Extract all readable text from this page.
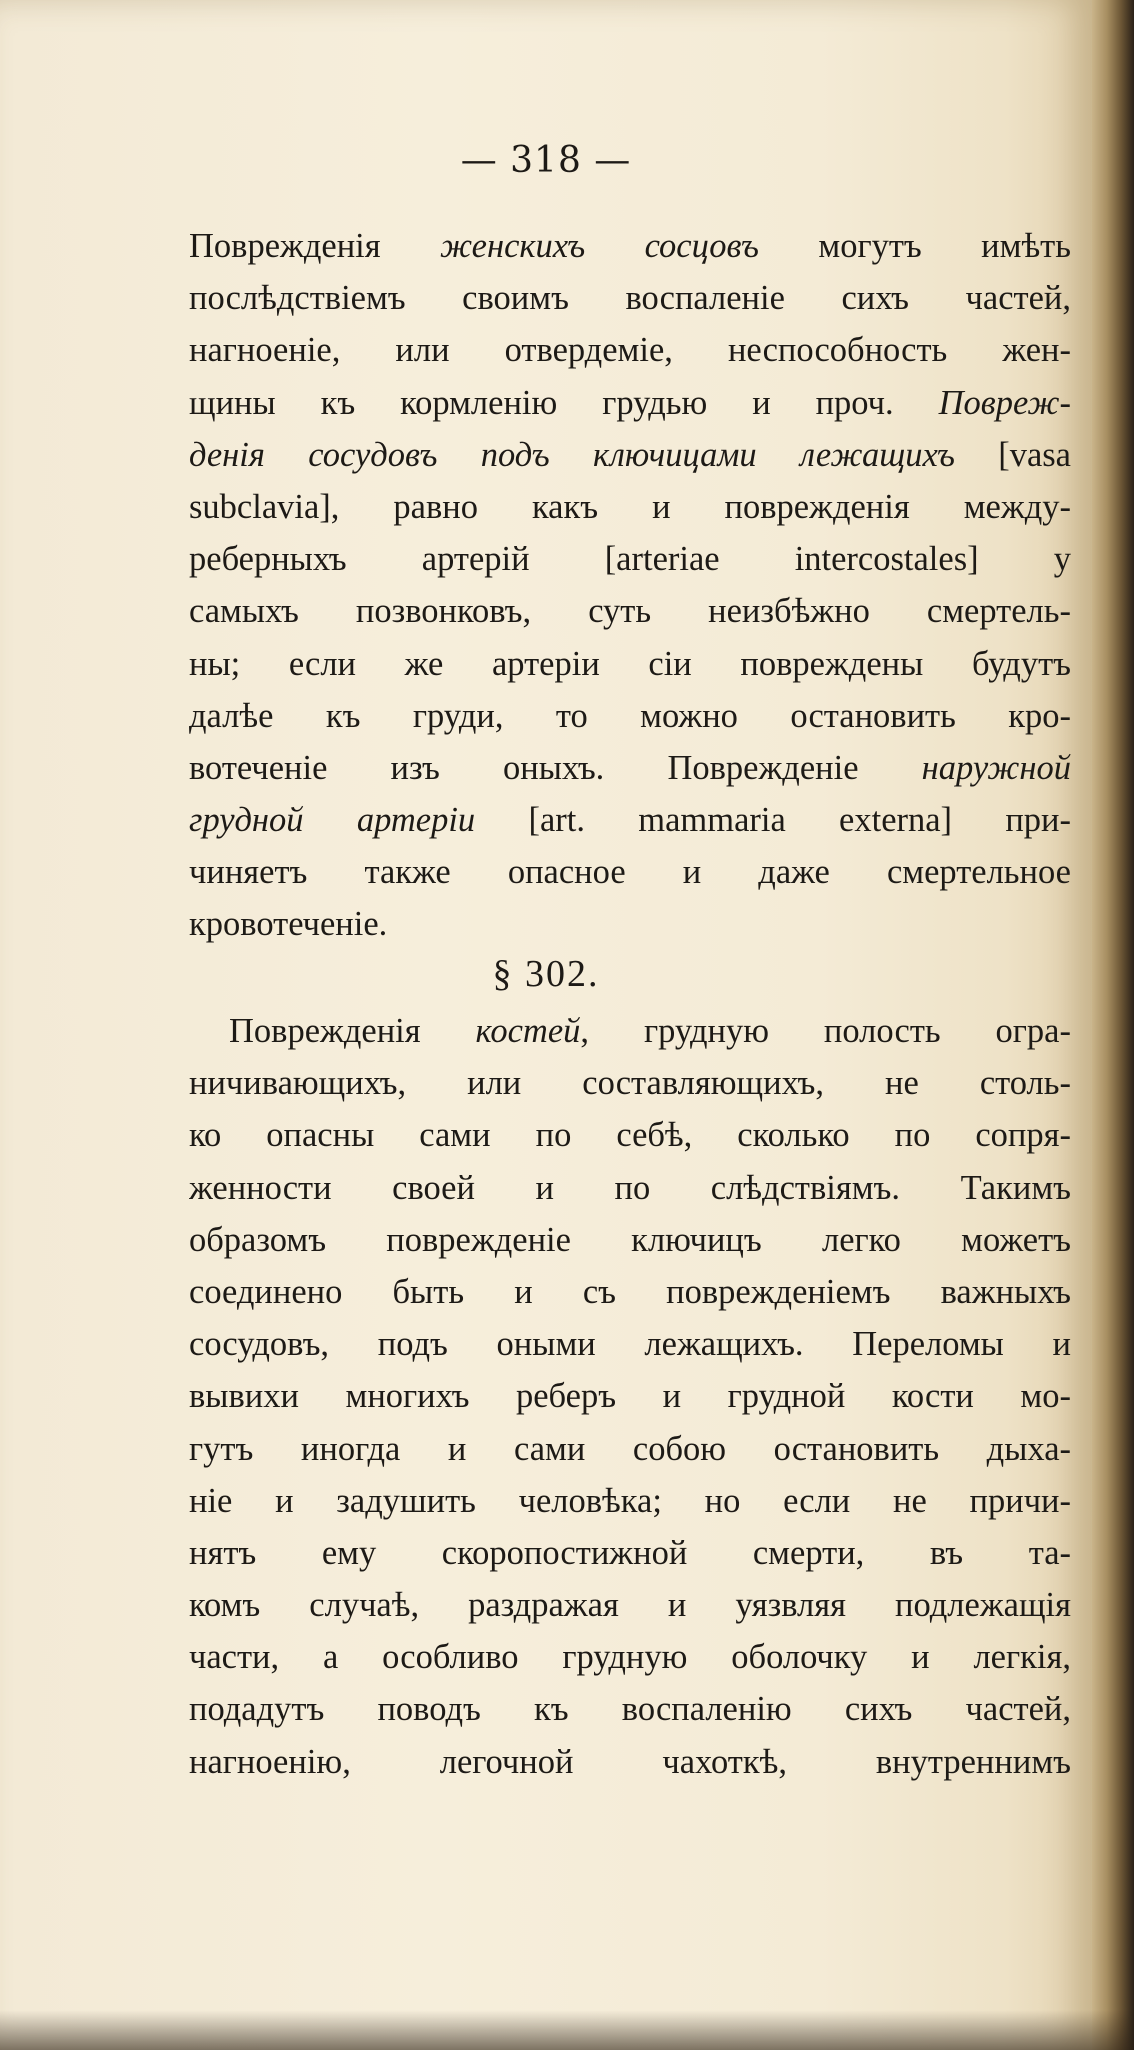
— 318 —
Поврежденія женскихъ сосцовъ могутъ имѣть
послѣдствіемъ своимъ воспаленіе сихъ частей,
нагноеніе, или отвердеміе, неспособность жен-
щины къ кормленію грудью и проч. Повреж-
денія сосудовъ подъ ключицами лежащихъ [vasa
subclavia], равно какъ и поврежденія между-
реберныхъ артерій [arteriae intercostales] у
самыхъ позвонковъ, суть неизбѣжно смертель-
ны; если же артеріи сіи повреждены будутъ
далѣе къ груди, то можно остановить кро-
вотеченіе изъ оныхъ. Поврежденіе наружной
грудной артеріи [art. mammaria externa] при-
чиняетъ также опасное и даже смертельное
кровотеченіе.
§ 302.
Поврежденія костей, грудную полость огра-
ничивающихъ, или составляющихъ, не столь-
ко опасны сами по себѣ, сколько по сопря-
женности своей и по слѣдствіямъ. Такимъ
образомъ поврежденіе ключицъ легко можетъ
соединено быть и съ поврежденіемъ важныхъ
сосудовъ, подъ оными лежащихъ. Переломы и
вывихи многихъ реберъ и грудной кости мо-
гутъ иногда и сами собою остановить дыха-
ніе и задушить человѣка; но если не причи-
нятъ ему скоропостижной смерти, въ та-
комъ случаѣ, раздражая и уязвляя подлежащія
части, а особливо грудную оболочку и легкія,
подадутъ поводъ къ воспаленію сихъ частей,
нагноенію, легочной чахоткѣ, внутреннимъ
